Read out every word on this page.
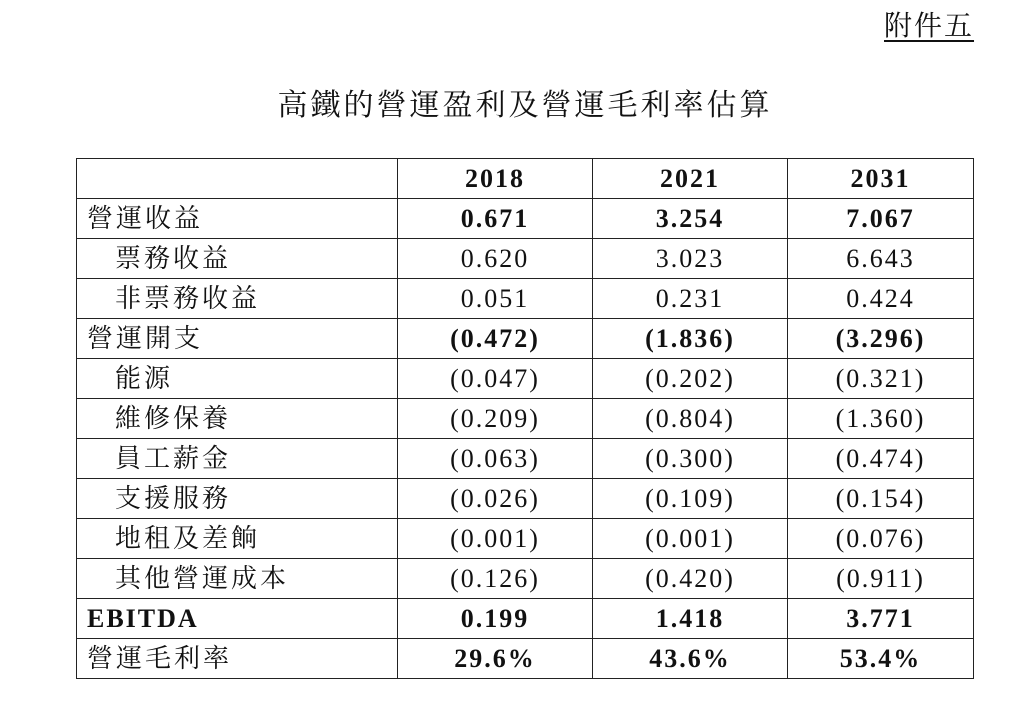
附件五
高鐵的營運盈利及營運毛利率估算
	2018	2021	2031
營運收益	0.671	3.254	7.067
票務收益	0.620	3.023	6.643
非票務收益	0.051	0.231	0.424
營運開支	(0.472)	(1.836)	(3.296)
能源	(0.047)	(0.202)	(0.321)
維修保養	(0.209)	(0.804)	(1.360)
員工薪金	(0.063)	(0.300)	(0.474)
支援服務	(0.026)	(0.109)	(0.154)
地租及差餉	(0.001)	(0.001)	(0.076)
其他營運成本	(0.126)	(0.420)	(0.911)
EBITDA	0.199	1.418	3.771
營運毛利率	29.6%	43.6%	53.4%
